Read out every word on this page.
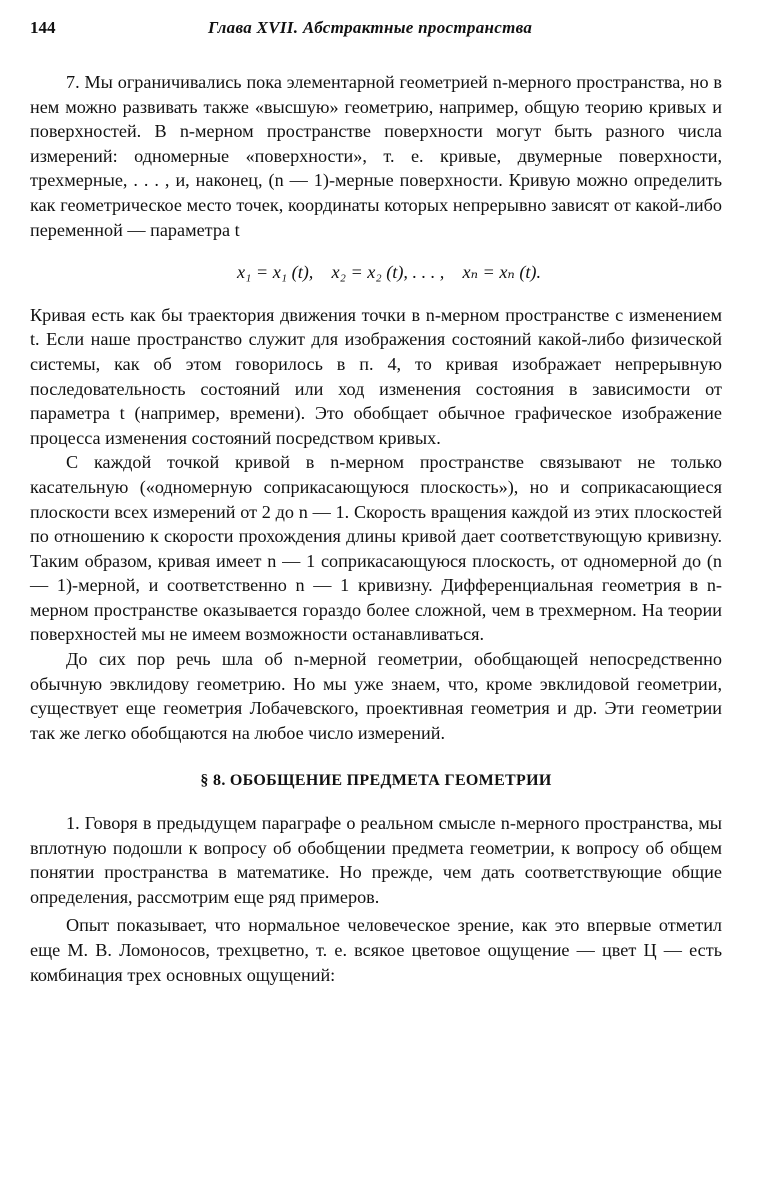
144	Глава XVII. Абстрактные пространства

7. Мы ограничивались пока элементарной геометрией n-мерного пространства, но в нем можно развивать также «высшую» геометрию, например, общую теорию кривых и поверхностей. В n-мерном пространстве поверхности могут быть разного числа измерений: одномерные «поверхности», т. е. кривые, двумерные поверхности, трехмерные, . . . , и, наконец, (n — 1)-мерные поверхности. Кривую можно определить как геометрическое место точек, координаты которых непрерывно зависят от какой-либо переменной — параметра t

x₁ = x₁ (t),    x₂ = x₂ (t), . . . ,    xₙ = xₙ (t).

Кривая есть как бы траектория движения точки в n-мерном пространстве с изменением t. Если наше пространство служит для изображения состояний какой-либо физической системы, как об этом говорилось в п. 4, то кривая изображает непрерывную последовательность состояний или ход изменения состояния в зависимости от параметра t (например, времени). Это обобщает обычное графическое изображение процесса изменения состояний посредством кривых.

С каждой точкой кривой в n-мерном пространстве связывают не только касательную («одномерную соприкасающуюся плоскость»), но и соприкасающиеся плоскости всех измерений от 2 до n — 1. Скорость вращения каждой из этих плоскостей по отношению к скорости прохождения длины кривой дает соответствующую кривизну. Таким образом, кривая имеет n — 1 соприкасающуюся плоскость, от одномерной до (n — 1)-мерной, и соответственно n — 1 кривизну. Дифференциальная геометрия в n-мерном пространстве оказывается гораздо более сложной, чем в трехмерном. На теории поверхностей мы не имеем возможности останавливаться.

До сих пор речь шла об n-мерной геометрии, обобщающей непосредственно обычную эвклидову геометрию. Но мы уже знаем, что, кроме эвклидовой геометрии, существует еще геометрия Лобачевского, проективная геометрия и др. Эти геометрии так же легко обобщаются на любое число измерений.

§ 8. ОБОБЩЕНИЕ ПРЕДМЕТА ГЕОМЕТРИИ

1. Говоря в предыдущем параграфе о реальном смысле n-мерного пространства, мы вплотную подошли к вопросу об обобщении предмета геометрии, к вопросу об общем понятии пространства в математике. Но прежде, чем дать соответствующие общие определения, рассмотрим еще ряд примеров.

Опыт показывает, что нормальное человеческое зрение, как это впервые отметил еще М. В. Ломоносов, трехцветно, т. е. всякое цветовое ощущение — цвет Ц — есть комбинация трех основных ощущений:
